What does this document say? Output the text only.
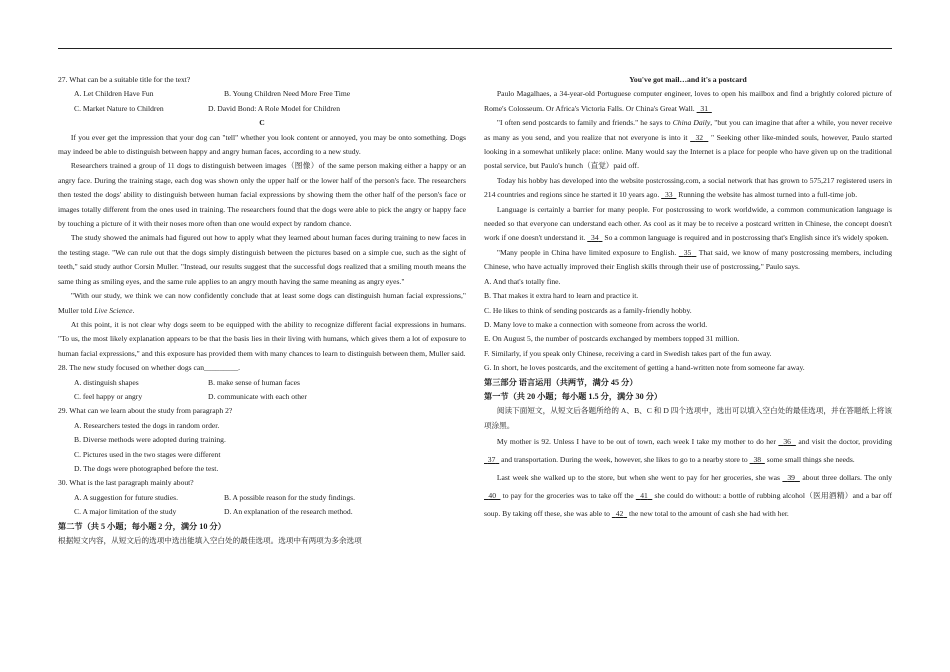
27. What can be a suitable title for the text?

A. Let Children Have Fun	B. Young Children Need More Free Time

C. Market Nature to Children	D. David Bond: A Role Model for Children

C

If you ever get the impression that your dog can "tell" whether you look content or annoyed, you may be onto something. Dogs may indeed be able to distinguish between happy and angry human faces, according to a new study.

Researchers trained a group of 11 dogs to distinguish between images（图像）of the same person making either a happy or an angry face. During the training stage, each dog was shown only the upper half or the lower half of the person's face. The researchers then tested the dogs' ability to distinguish between human facial expressions by showing them the other half of the person's face or images totally different from the ones used in training. The researchers found that the dogs were able to pick the angry or happy face by touching a picture of it with their noses more often than one would expect by random chance.

The study showed the animals had figured out how to apply what they learned about human faces during training to new faces in the testing stage. "We can rule out that the dogs simply distinguish between the pictures based on a simple cue, such as the sight of teeth," said study author Corsin Muller. "Instead, our results suggest that the successful dogs realized that a smiling mouth means the same thing as smiling eyes, and the same rule applies to an angry mouth having the same meaning as angry eyes."

"With our study, we think we can now confidently conclude that at least some dogs can distinguish human facial expressions," Muller told Live Science.

At this point, it is not clear why dogs seem to be equipped with the ability to recognize different facial expressions in humans. "To us, the most likely explanation appears to be that the basis lies in their living with humans, which gives them a lot of exposure to human facial expressions," and this exposure has provided them with many chances to learn to distinguish between them, Muller said.

28. The new study focused on whether dogs can_________.

A. distinguish shapes	B. make sense of human faces

C. feel happy or angry	D. communicate with each other

29. What can we learn about the study from paragraph 2?

A. Researchers tested the dogs in random order.

B. Diverse methods were adopted during training.

C. Pictures used in the two stages were different

D. The dogs were photographed before the test.

30. What is the last paragraph mainly about?

A. A suggestion for future studies.	B. A possible reason for the study findings.

C. A major limitation of the study	D. An explanation of the research method.

第二节（共 5 小题；每小题 2 分，满分 10 分）

根据短文内容，从短文后的选项中选出能填入空白处的最佳选项。选项中有两项为多余选项

You've got mail…and it's a postcard

Paulo Magalhaes, a 34-year-old Portuguese computer engineer, loves to open his mailbox and find a brightly colored picture of Rome's Colosseum. Or Africa's Victoria Falls. Or China's Great Wall. 31

"I often send postcards to family and friends." he says to China Daily, "but you can imagine that after a while, you never receive as many as you send, and you realize that not everyone is into it 32 " Seeking other like-minded souls, however, Paulo started looking in a somewhat unlikely place: online. Many would say the Internet is a place for people who have given up on the traditional postal service, but Paulo's hunch（直觉）paid off.

Today his hobby has developed into the website postcrossing.com, a social network that has grown to 575,217 registered users in 214 countries and regions since he started it 10 years ago. 33 Running the website has almost turned into a full-time job.

Language is certainly a barrier for many people. For postcrossing to work worldwide, a common communication language is needed so that everyone can understand each other. As cool as it may be to receive a postcard written in Chinese, the concept doesn't work if one doesn't understand it. 34 So a common language is required and in postcrossing that's English since it's widely spoken.

"Many people in China have limited exposure to English. 35 That said, we know of many postcrossing members, including Chinese, who have actually improved their English skills through their use of postcrossing," Paulo says.

A. And that's totally fine.

B. That makes it extra hard to learn and practice it.

C. He likes to think of sending postcards as a family-friendly hobby.

D. Many love to make a connection with someone from across the world.

E. On August 5, the number of postcards exchanged by members topped 31 million.

F. Similarly, if you speak only Chinese, receiving a card in Swedish takes part of the fun away.

G. In short, he loves postcards, and the excitement of getting a hand-written note from someone far away.

第三部分 语言运用（共两节，满分 45 分）

第一节（共 20 小题；每小题 1.5 分，满分 30 分）

阅读下面短文，从短文后各题所给的 A、B、C 和 D 四个选项中，选出可以填入空白处的最佳选项，并在答题纸上将该项涂黑。

My mother is 92. Unless I have to be out of town, each week I take my mother to do her 36 and visit the doctor, providing   37 and transportation. During the week, however, she likes to go to a nearby store to 38 some small things she needs.

Last week she walked up to the store, but when she went to pay for her groceries, she was 39 about three dollars. The only   40 to pay for the groceries was to take off the 41 she could do without: a bottle of rubbing alcohol（医用酒精）and a bar off soup. By taking off these, she was able to 42 the new total to the amount of cash she had with her.
